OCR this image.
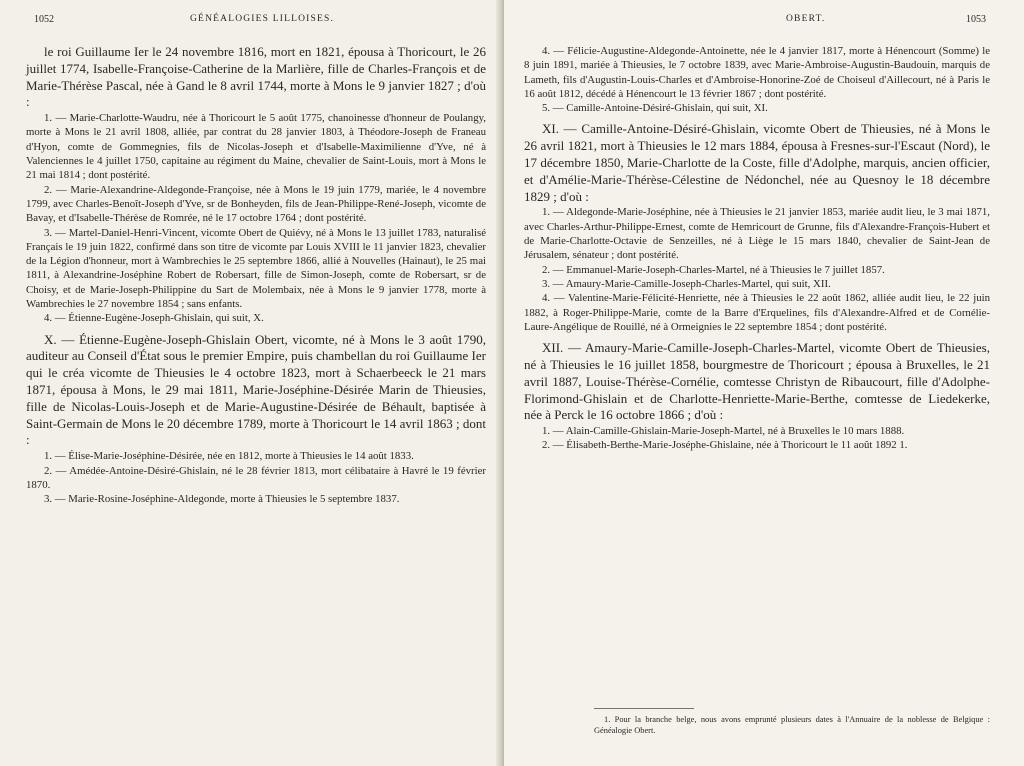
1052	GÉNÉALOGIES LILLOISES.

le roi Guillaume Ier le 24 novembre 1816, mort en 1821, épousa à Thoricourt, le 26 juillet 1774, Isabelle-Françoise-Catherine de la Marlière, fille de Charles-François et de Marie-Thérèse Pascal, née à Gand le 8 avril 1744, morte à Mons le 9 janvier 1827 ; d'où :

1. — Marie-Charlotte-Waudru, née à Thoricourt le 5 août 1775, chanoinesse d'honneur de Poulangy, morte à Mons le 21 avril 1808, alliée, par contrat du 28 janvier 1803, à Théodore-Joseph de Franeau d'Hyon, comte de Gommegnies, fils de Nicolas-Joseph et d'Isabelle-Maximilienne d'Yve, né à Valenciennes le 4 juillet 1750, capitaine au régiment du Maine, chevalier de Saint-Louis, mort à Mons le 21 mai 1814 ; dont postérité.

2. — Marie-Alexandrine-Aldegonde-Françoise, née à Mons le 19 juin 1779, mariée, le 4 novembre 1799, avec Charles-Benoît-Joseph d'Yve, sr de Bonheyden, fils de Jean-Philippe-René-Joseph, vicomte de Bavay, et d'Isabelle-Thérèse de Romrée, né le 17 octobre 1764 ; dont postérité.

3. — Martel-Daniel-Henri-Vincent, vicomte Obert de Quiévy, né à Mons le 13 juillet 1783, naturalisé Français le 19 juin 1822, confirmé dans son titre de vicomte par Louis XVIII le 11 janvier 1823, chevalier de la Légion d'honneur, mort à Wambrechies le 25 septembre 1866, allié à Nouvelles (Hainaut), le 25 mai 1811, à Alexandrine-Joséphine Robert de Robersart, fille de Simon-Joseph, comte de Robersart, sr de Choisy, et de Marie-Joseph-Philippine du Sart de Molembaix, née à Mons le 9 janvier 1778, morte à Wambrechies le 27 novembre 1854 ; sans enfants.

4. — Étienne-Eugène-Joseph-Ghislain, qui suit, X.

X. — Étienne-Eugène-Joseph-Ghislain Obert, vicomte, né à Mons le 3 août 1790, auditeur au Conseil d'État sous le premier Empire, puis chambellan du roi Guillaume Ier qui le créa vicomte de Thieusies le 4 octobre 1823, mort à Schaerbeeck le 21 mars 1871, épousa à Mons, le 29 mai 1811, Marie-Joséphine-Désirée Marin de Thieusies, fille de Nicolas-Louis-Joseph et de Marie-Augustine-Désirée de Béhault, baptisée à Saint-Germain de Mons le 20 décembre 1789, morte à Thoricourt le 14 avril 1863 ; dont :

1. — Élise-Marie-Joséphine-Désirée, née en 1812, morte à Thieusies le 14 août 1833.

2. — Amédée-Antoine-Désiré-Ghislain, né le 28 février 1813, mort célibataire à Havré le 19 février 1870.

3. — Marie-Rosine-Joséphine-Aldegonde, morte à Thieusies le 5 septembre 1837.

OBERT.	1053

4. — Félicie-Augustine-Aldegonde-Antoinette, née le 4 janvier 1817, morte à Hénencourt (Somme) le 8 juin 1891, mariée à Thieusies, le 7 octobre 1839, avec Marie-Ambroise-Augustin-Baudouin, marquis de Lameth, fils d'Augustin-Louis-Charles et d'Ambroise-Honorine-Zoé de Choiseul d'Aillecourt, né à Paris le 16 août 1812, décédé à Hénencourt le 13 février 1867 ; dont postérité.

5. — Camille-Antoine-Désiré-Ghislain, qui suit, XI.

XI. — Camille-Antoine-Désiré-Ghislain, vicomte Obert de Thieusies, né à Mons le 26 avril 1821, mort à Thieusies le 12 mars 1884, épousa à Fresnes-sur-l'Escaut (Nord), le 17 décembre 1850, Marie-Charlotte de la Coste, fille d'Adolphe, marquis, ancien officier, et d'Amélie-Marie-Thérèse-Célestine de Nédonchel, née au Quesnoy le 18 décembre 1829 ; d'où :

1. — Aldegonde-Marie-Joséphine, née à Thieusies le 21 janvier 1853, mariée audit lieu, le 3 mai 1871, avec Charles-Arthur-Philippe-Ernest, comte de Hemricourt de Grunne, fils d'Alexandre-François-Hubert et de Marie-Charlotte-Octavie de Senzeilles, né à Liège le 15 mars 1840, chevalier de Saint-Jean de Jérusalem, sénateur ; dont postérité.

2. — Emmanuel-Marie-Joseph-Charles-Martel, né à Thieusies le 7 juillet 1857.

3. — Amaury-Marie-Camille-Joseph-Charles-Martel, qui suit, XII.

4. — Valentine-Marie-Félicité-Henriette, née à Thieusies le 22 août 1862, alliée audit lieu, le 22 juin 1882, à Roger-Philippe-Marie, comte de la Barre d'Erquelines, fils d'Alexandre-Alfred et de Cornélie-Laure-Angélique de Rouillé, né à Ormeignies le 22 septembre 1854 ; dont postérité.

XII. — Amaury-Marie-Camille-Joseph-Charles-Martel, vicomte Obert de Thieusies, né à Thieusies le 16 juillet 1858, bourgmestre de Thoricourt ; épousa à Bruxelles, le 21 avril 1887, Louise-Thérèse-Cornélie, comtesse Christyn de Ribaucourt, fille d'Adolphe-Florimond-Ghislain et de Charlotte-Henriette-Marie-Berthe, comtesse de Liedekerke, née à Perck le 16 octobre 1866 ; d'où :

1. — Alain-Camille-Ghislain-Marie-Joseph-Martel, né à Bruxelles le 10 mars 1888.

2. — Élisabeth-Berthe-Marie-Joséphe-Ghislaine, née à Thoricourt le 11 août 1892 1.

1. Pour la branche belge, nous avons emprunté plusieurs dates à l'Annuaire de la noblesse de Belgique : Généalogie Obert.
